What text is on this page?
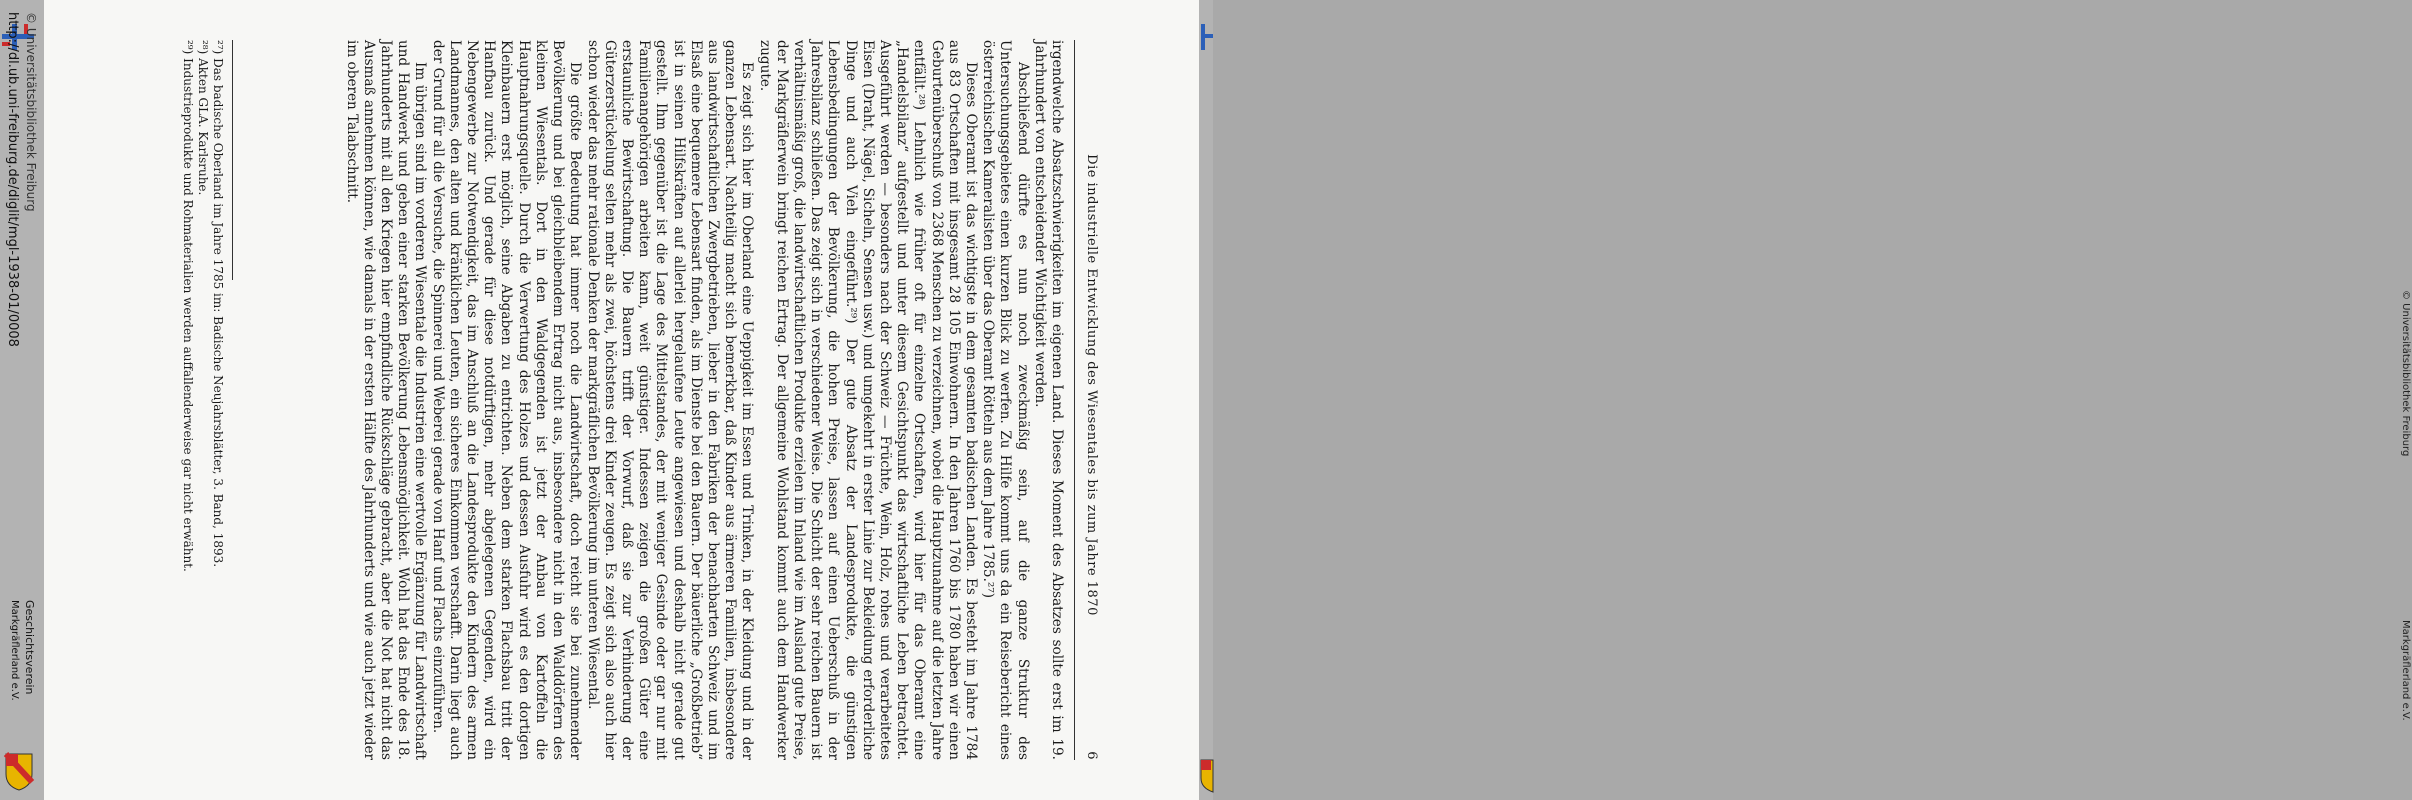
http://dl.ub.uni-freiburg.de/diglit/mgl-1938-01/0008 © Universitätsbibliothek Freiburg
Geschichtsverein
Markgräflerland e.V.
Die industrielle Entwicklung des Wiesentales bis zum Jahre 1870
6

irgendwelche Absatzschwierigkeiten im eigenen Land. Dieses Moment des Absatzes sollte erst im 19. Jahrhundert von entscheidender Wichtigkeit werden.

Abschließend dürfte es nun noch zweckmäßig sein, auf die ganze Struktur des Untersuchungsgebietes einen kurzen Blick zu werfen. Zu Hilfe kommt uns da ein Reisebericht eines österreichischen Kameralisten über das Oberamt Rötteln aus dem Jahre 1785.²⁷)

Dieses Oberamt ist das wichtigste in dem gesamten badischen Landen. Es besteht im Jahre 1784 aus 83 Ortschaften mit insgesamt 28 105 Einwohnern. In den Jahren 1760 bis 1780 haben wir einen Geburtenüberschuß von 2368 Menschen zu verzeichnen, wobei die Hauptzunahme auf die letzten Jahre entfällt.²⁸) Lehnlich wie früher oft für einzelne Ortschaften, wird hier für das Oberamt eine „Handelsbilanz“ aufgestellt und unter diesem Gesichtspunkt das wirtschaftliche Leben betrachtet. Ausgeführt werden — besonders nach der Schweiz — Früchte, Wein, Holz, rohes und verarbeitetes Eisen (Draht, Nägel, Sicheln, Sensen usw.) und umgekehrt in erster Linie zur Bekleidung erforderliche Dinge und auch Vieh eingeführt.²⁹) Der gute Absatz der Landesprodukte, die günstigen Lebensbedingungen der Bevölkerung, die hohen Preise, lassen auf einen Ueberschuß in der Jahresbilanz schließen. Das zeigt sich in verschiedener Weise. Die Schicht der sehr reichen Bauern ist verhältnismäßig groß, die landwirtschaftlichen Produkte erzielen im Inland wie im Ausland gute Preise, der Markgräflerwein bringt reichen Ertrag. Der allgemeine Wohlstand kommt auch dem Handwerker zugute.

Es zeigt sich hier im Oberland eine Ueppigkeit im Essen und Trinken, in der Kleidung und in der ganzen Lebensart. Nachteilig macht sich bemerkbar, daß Kinder aus ärmeren Familien, insbesondere aus landwirtschaftlichen Zwergbetrieben, lieber in den Fabriken der benachbarten Schweiz und im Elsaß eine bequemere Lebensart finden, als im Dienste bei den Bauern. Der bäuerliche „Großbetrieb“ ist in seinen Hilfskräften auf allerlei hergelaufene Leute angewiesen und deshalb nicht gerade gut gestellt. Ihm gegenüber ist die Lage des Mittelstandes, der mit weniger Gesinde oder gar nur mit Familienangehörigen arbeiten kann, weit günstiger. Indessen zeigen die großen Güter eine erstaunliche Bewirtschaftung. Die Bauern trifft der Vorwurf, daß sie zur Verhinderung der Güterzerstückelung selten mehr als zwei, höchstens drei Kinder zeugen. Es zeigt sich also auch hier schon wieder das mehr rationale Denken der markgräflichen Bevölkerung im unteren Wiesental.

Die größte Bedeutung hat immer noch die Landwirtschaft, doch reicht sie bei zunehmender Bevölkerung und bei gleichbleibendem Ertrag nicht aus, insbesondere nicht in den Walddörfern des kleinen Wiesentals. Dort in den Waldgegenden ist jetzt der Anbau von Kartoffeln die Hauptnahrungsquelle. Durch die Verwertung des Holzes und dessen Ausfuhr wird es den dortigen Kleinbauern erst möglich, seine Abgaben zu entrichten. Neben dem starken Flachsbau tritt der Hanfbau zurück. Und gerade für diese notdürftigen, mehr abgelegenen Gegenden, wird ein Nebengewerbe zur Notwendigkeit, das im Anschluß an die Landesprodukte den Kindern des armen Landmannes, den alten und kränklichen Leuten, ein sicheres Einkommen verschafft. Darin liegt auch der Grund für all die Versuche, die Spinnerei und Weberei gerade von Hanf und Flachs einzuführen.

Im übrigen sind im vorderen Wiesentale die Industrien eine wertvolle Ergänzung für Landwirtschaft und Handwerk und geben einer starken Bevölkerung Lebensmöglichkeit. Wohl hat das Ende des 18. Jahrhunderts mit all den Kriegen hier empfindliche Rückschläge gebracht, aber die Not hat nicht das Ausmaß annehmen können, wie damals in der ersten Hälfte des Jahrhunderts und wie auch jetzt wieder im oberen Talabschnitt.

²⁷) Das badische Oberland im Jahre 1785 im: Badische Neujahrsblätter, 3. Band, 1893.

²⁸) Akten GLA. Karlsruhe.

²⁹) Industrieprodukte und Rohmaterialien werden auffallenderweise gar nicht erwähnt.	© Universitätsbibliothek Freiburg
Markgräflerland e.V.
